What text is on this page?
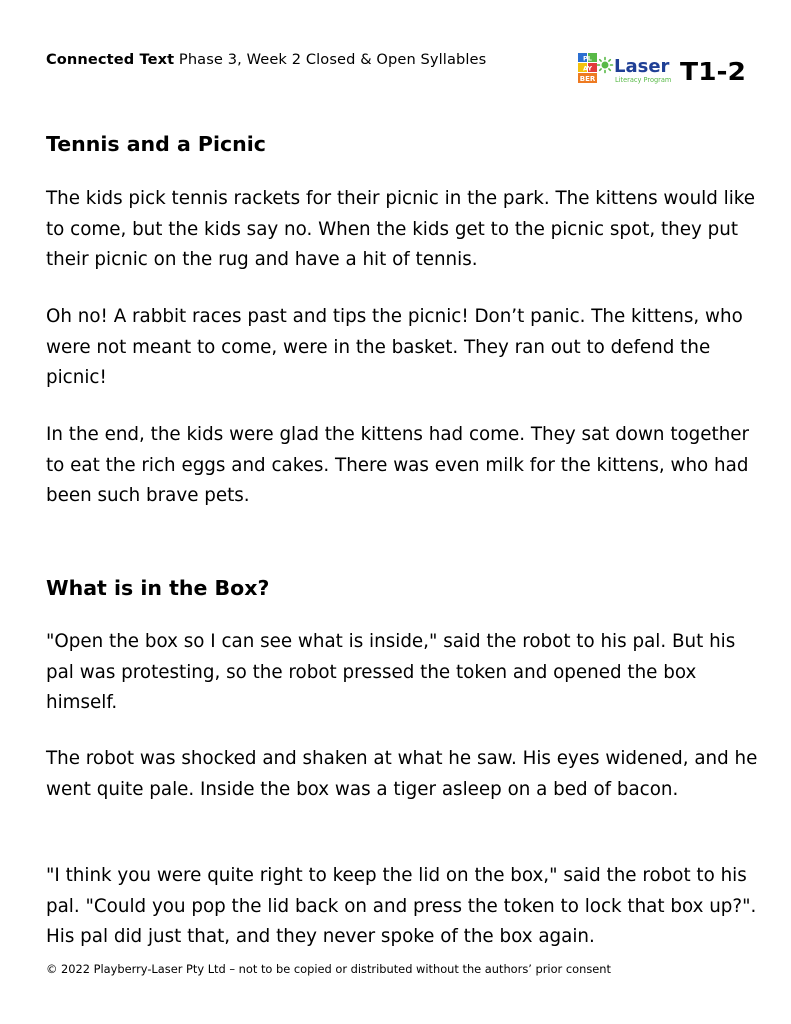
Connected Text Phase 3, Week 2 Closed & Open Syllables	PL
AY
BER
Laser
Literacy Program T1-2
Tennis and a Picnic

The kids pick tennis rackets for their picnic in the park. The kittens would like to come, but the kids say no. When the kids get to the picnic spot, they put their picnic on the rug and have a hit of tennis.

Oh no! A rabbit races past and tips the picnic! Don’t panic. The kittens, who were not meant to come, were in the basket. They ran out to defend the picnic!

In the end, the kids were glad the kittens had come. They sat down together to eat the rich eggs and cakes. There was even milk for the kittens, who had been such brave pets.

What is in the Box?

"Open the box so I can see what is inside," said the robot to his pal. But his pal was protesting, so the robot pressed the token and opened the box himself.

The robot was shocked and shaken at what he saw. His eyes widened, and he went quite pale. Inside the box was a tiger asleep on a bed of bacon.

"I think you were quite right to keep the lid on the box," said the robot to his pal. "Could you pop the lid back on and press the token to lock that box up?". His pal did just that, and they never spoke of the box again.

© 2022 Playberry-Laser Pty Ltd – not to be copied or distributed without the authors’ prior consent
